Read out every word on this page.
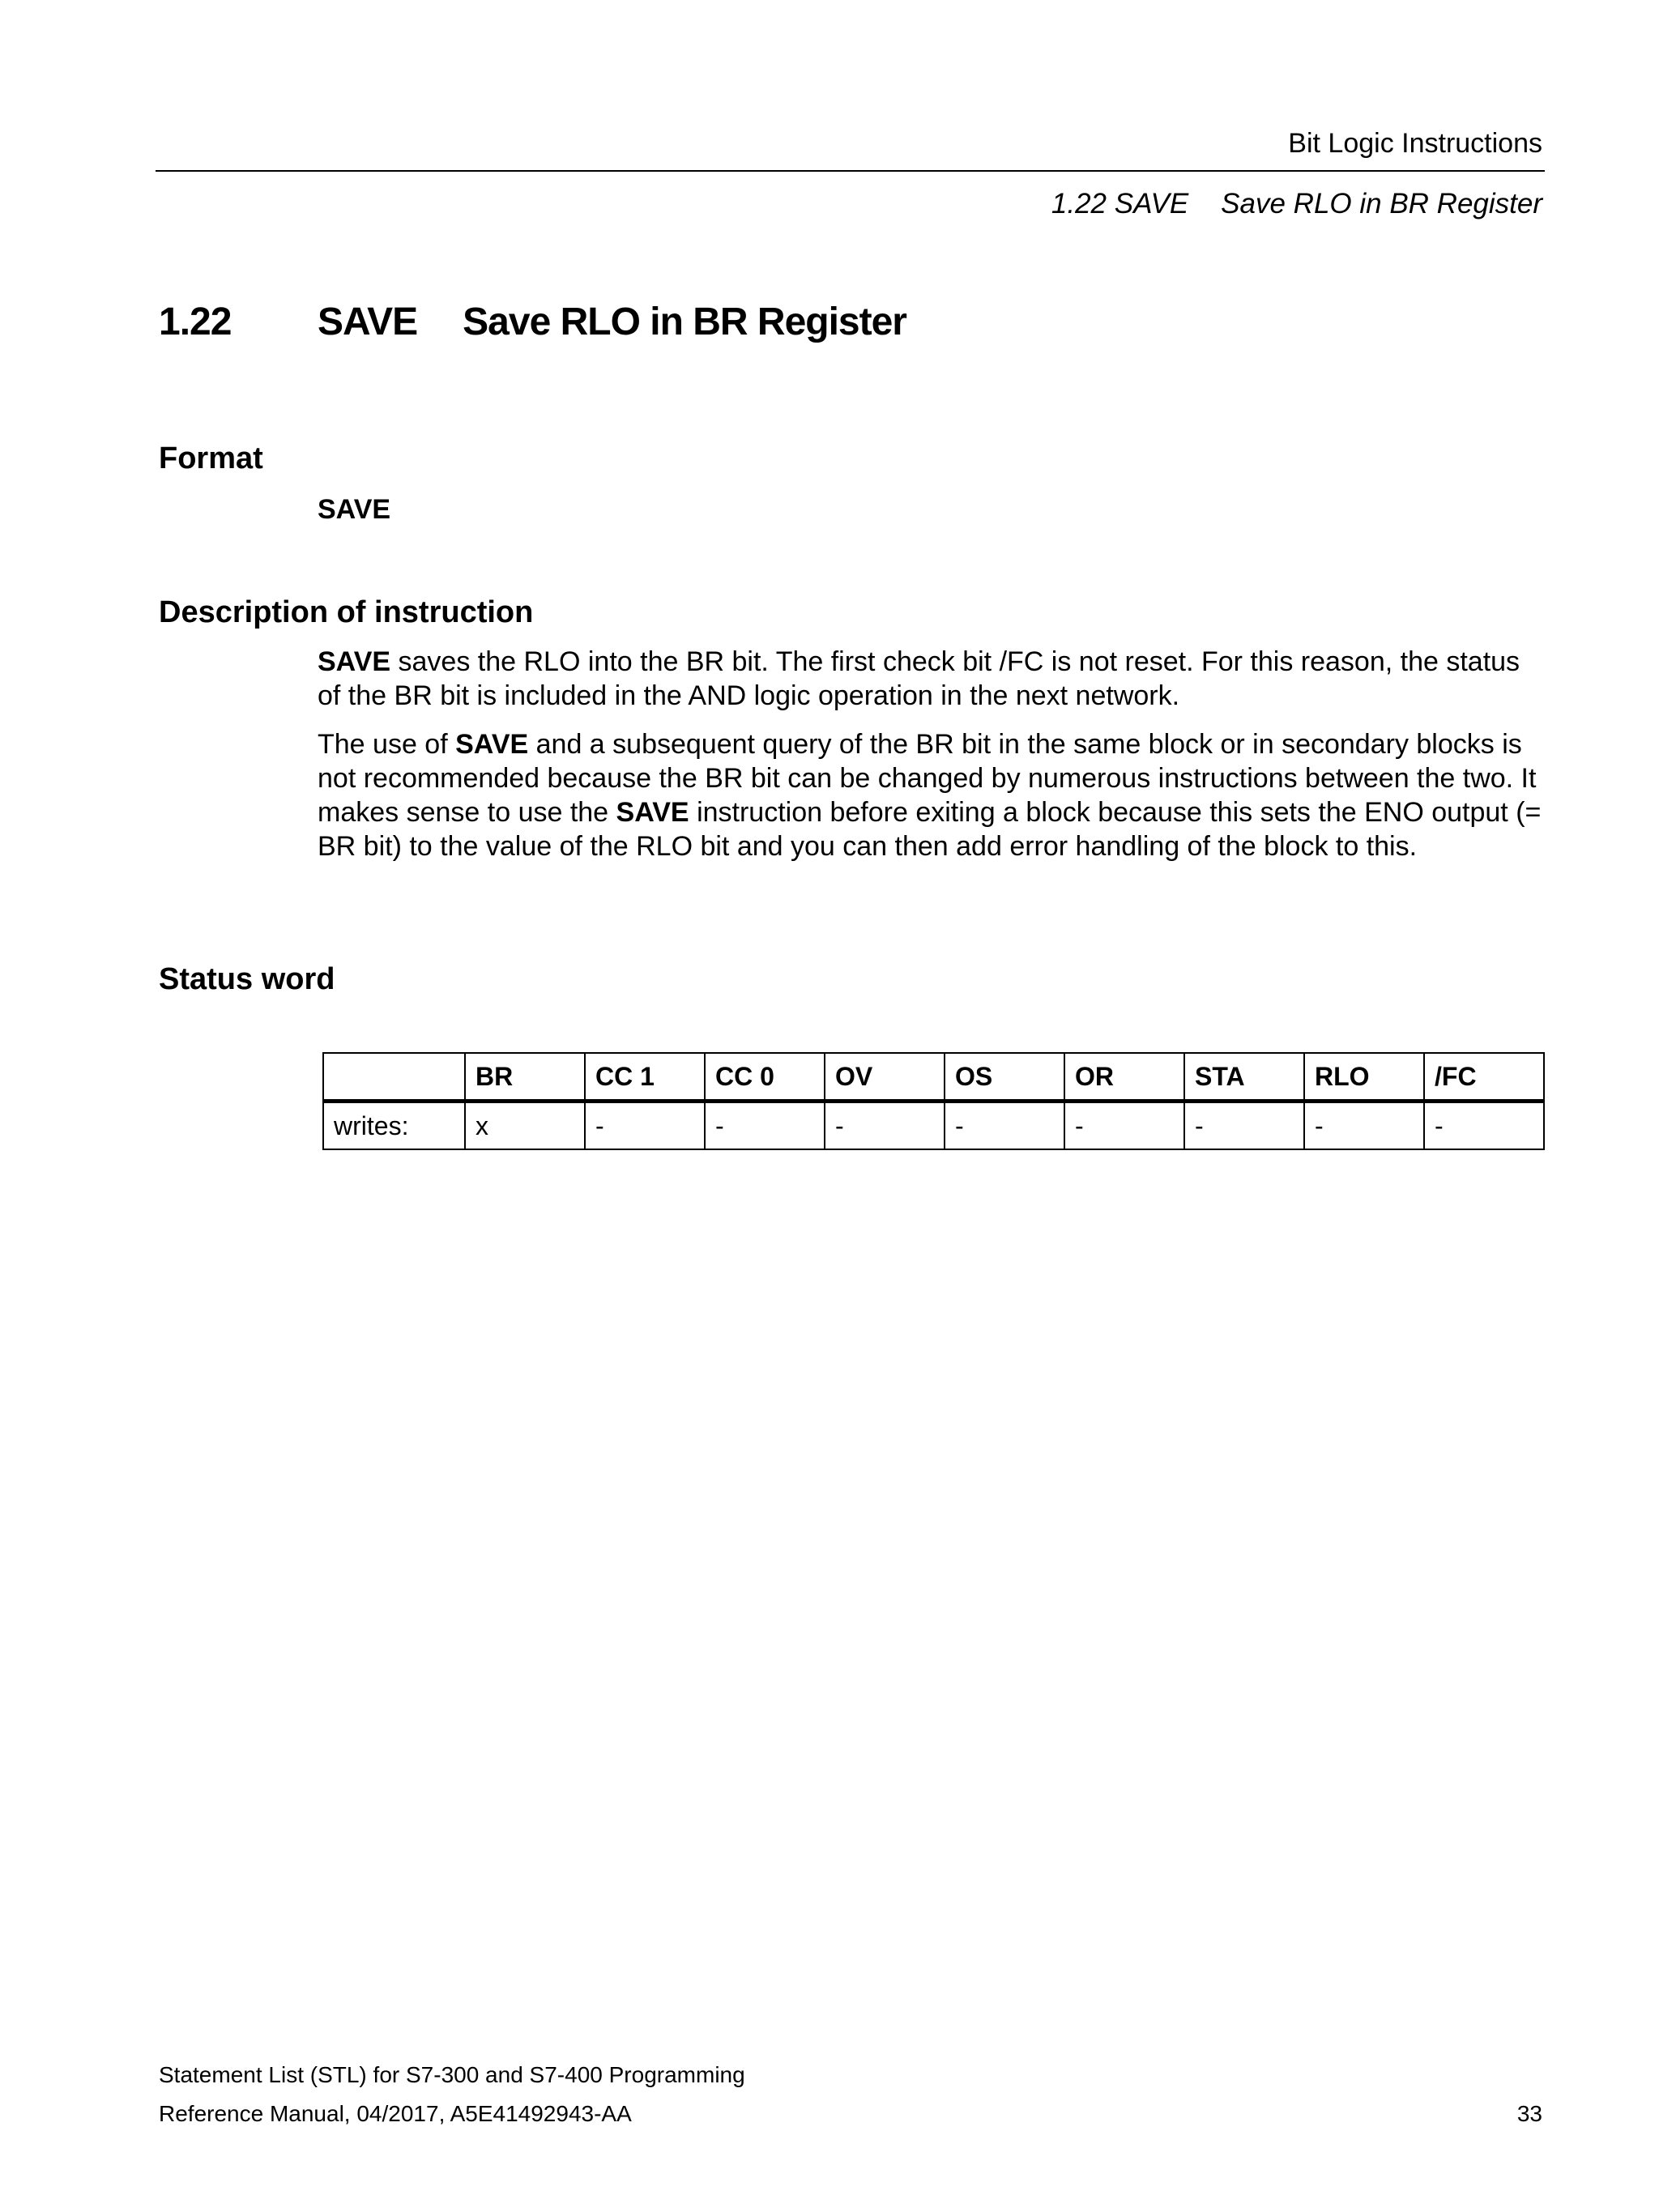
Bit Logic Instructions
1.22 SAVE Save RLO in BR Register
1.22 SAVE Save RLO in BR Register
Format
SAVE
Description of instruction

SAVE saves the RLO into the BR bit. The first check bit /FC is not reset. For this reason, the status of the BR bit is included in the AND logic operation in the next network.

The use of SAVE and a subsequent query of the BR bit in the same block or in secondary blocks is not recommended because the BR bit can be changed by numerous instructions between the two. It makes sense to use the SAVE instruction before exiting a block because this sets the ENO output (= BR bit) to the value of the RLO bit and you can then add error handling of the block to this.

Status word
	BR	CC 1	CC 0	OV	OS	OR	STA	RLO	/FC
writes:	x	-	-	-	-	-	-	-	-
Statement List (STL) for S7-300 and S7-400 Programming
Reference Manual, 04/2017, A5E41492943-AA	33
